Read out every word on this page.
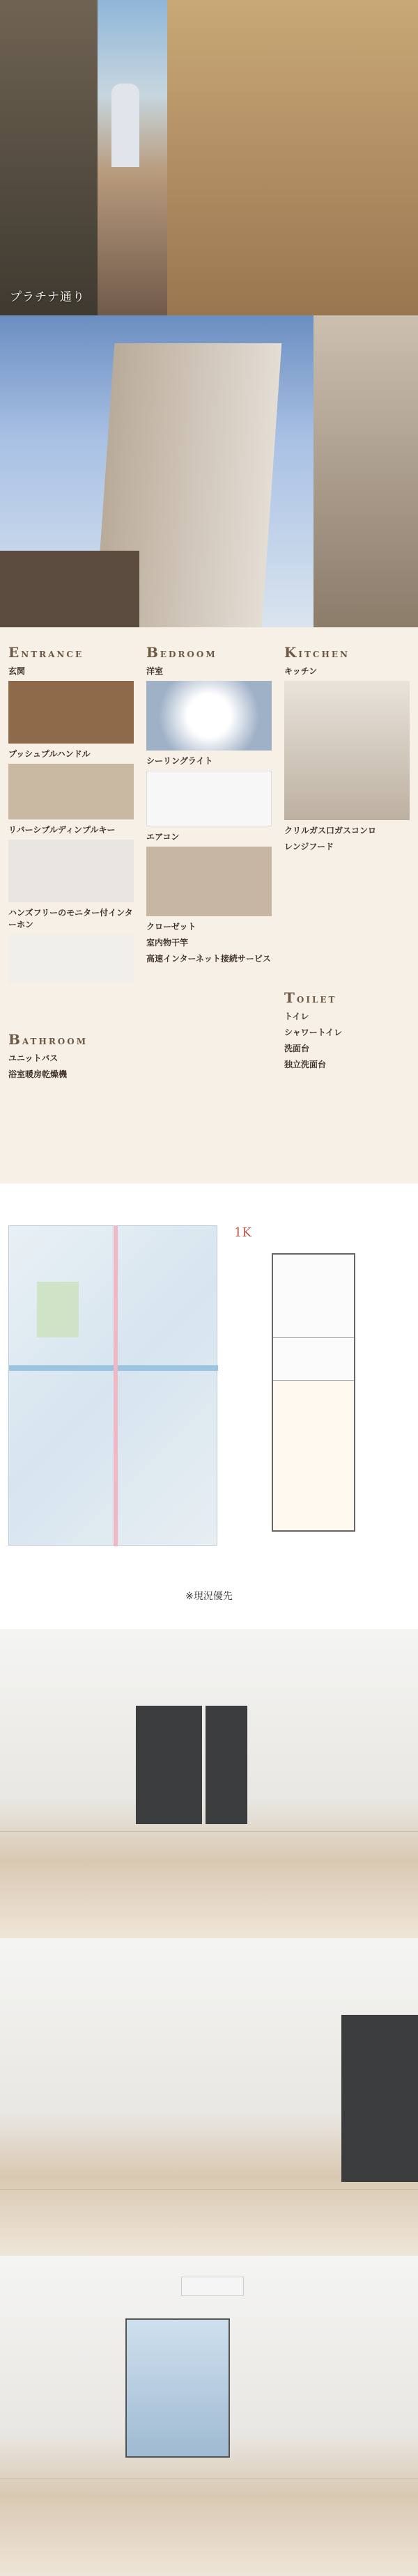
プラチナ通り
ENTRANCE
玄関
プッシュプルハンドル
リバーシブルディンプルキー
ハンズフリーのモニター付インターホン
BEDROOM
洋室
シーリングライト
エアコン
クローゼット
室内物干竿
高速インターネット接続サービス
KITCHEN
キッチン
クリルガス口ガスコンロ
レンジフード
BATHROOM
ユニットバス
浴室暖房乾燥機
TOILET
トイレ
シャワートイレ
洗面台
独立洗面台
1K
※現況優先
